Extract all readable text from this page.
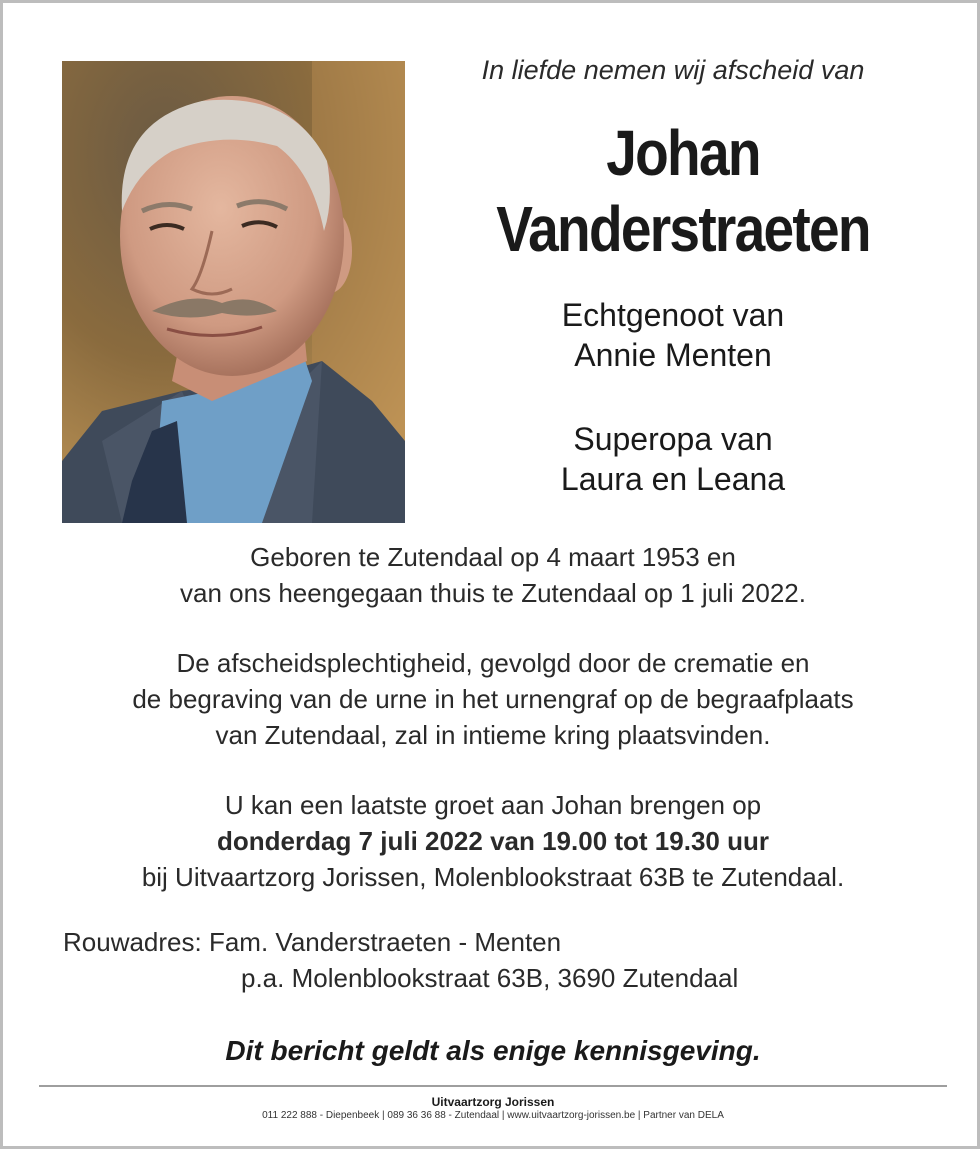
In liefde nemen wij afscheid van
Johan
Vanderstraeten
Echtgenoot van
Annie Menten
Superopa van
Laura en Leana
Geboren te Zutendaal op 4 maart 1953 en
van ons heengegaan thuis te Zutendaal op 1 juli 2022.
De afscheidsplechtigheid, gevolgd door de crematie en
de begraving van de urne in het urnengraf op de begraafplaats
van Zutendaal, zal in intieme kring plaatsvinden.
U kan een laatste groet aan Johan brengen op
donderdag 7 juli 2022 van 19.00 tot 19.30 uur
bij Uitvaartzorg Jorissen, Molenblookstraat 63B te Zutendaal.
Rouwadres: Fam. Vanderstraeten - Menten
p.a. Molenblookstraat 63B, 3690 Zutendaal
Dit bericht geldt als enige kennisgeving.
Uitvaartzorg Jorissen
011 222 888 - Diepenbeek | 089 36 36 88 - Zutendaal | www.uitvaartzorg-jorissen.be | Partner van DELA
